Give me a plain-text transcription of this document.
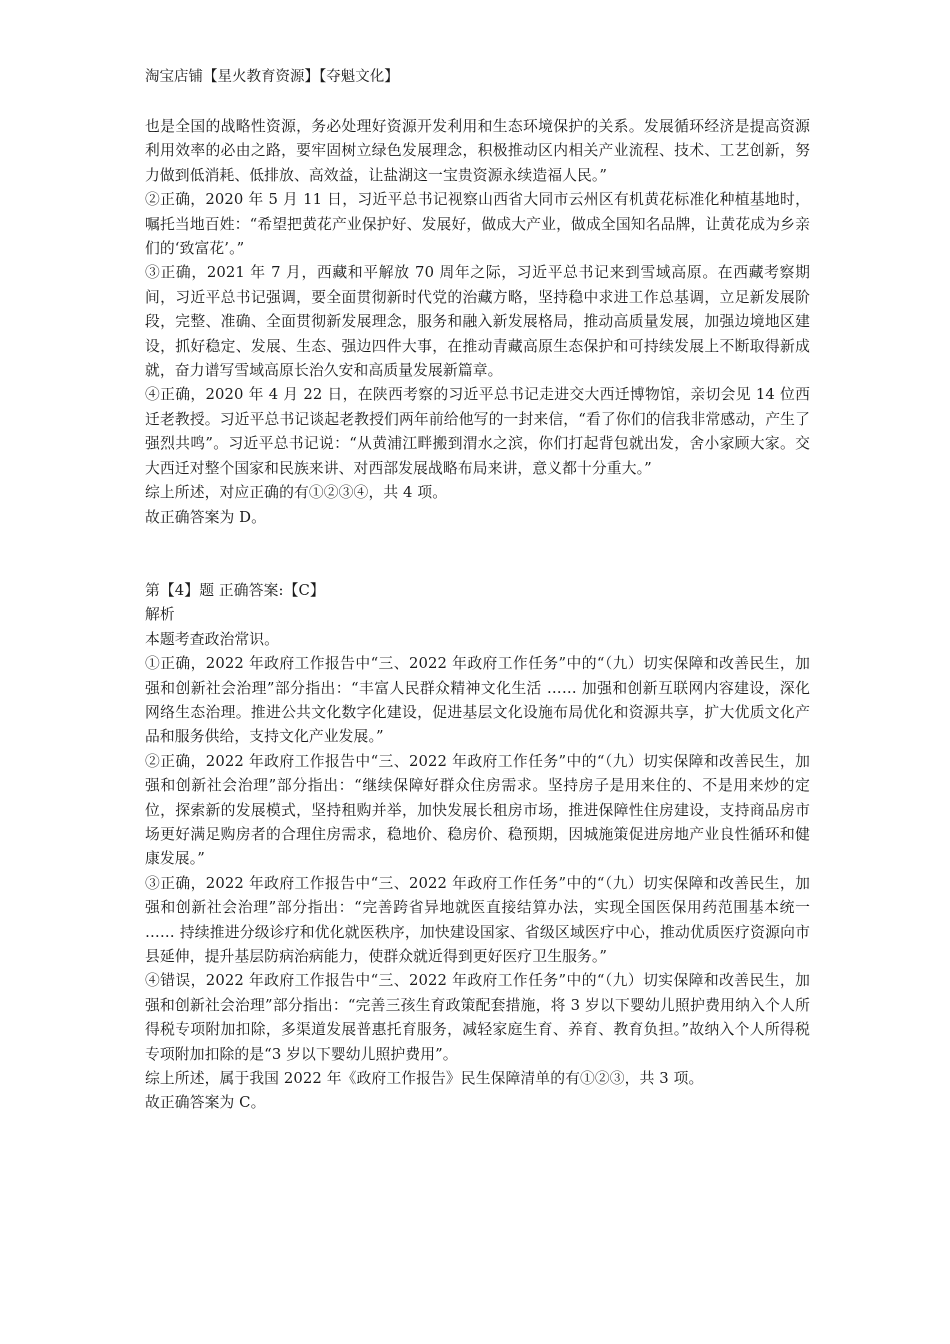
淘宝店铺【星火教育资源】【夺魁文化】

也是全国的战略性资源，务必处理好资源开发利用和生态环境保护的关系。发展循环经济是提高资源利用效率的必由之路，要牢固树立绿色发展理念，积极推动区内相关产业流程、技术、工艺创新，努力做到低消耗、低排放、高效益，让盐湖这一宝贵资源永续造福人民。”

②正确，2020 年 5 月 11 日，习近平总书记视察山西省大同市云州区有机黄花标准化种植基地时，嘱托当地百姓：“希望把黄花产业保护好、发展好，做成大产业，做成全国知名品牌，让黄花成为乡亲们的‘致富花’。”

③正确，2021 年 7 月，西藏和平解放 70 周年之际，习近平总书记来到雪域高原。在西藏考察期间，习近平总书记强调，要全面贯彻新时代党的治藏方略，坚持稳中求进工作总基调，立足新发展阶段，完整、准确、全面贯彻新发展理念，服务和融入新发展格局，推动高质量发展，加强边境地区建设，抓好稳定、发展、生态、强边四件大事，在推动青藏高原生态保护和可持续发展上不断取得新成就，奋力谱写雪域高原长治久安和高质量发展新篇章。

④正确，2020 年 4 月 22 日，在陕西考察的习近平总书记走进交大西迁博物馆，亲切会见 14 位西迁老教授。习近平总书记谈起老教授们两年前给他写的一封来信，“看了你们的信我非常感动，产生了强烈共鸣”。习近平总书记说：“从黄浦江畔搬到渭水之滨，你们打起背包就出发，舍小家顾大家。交大西迁对整个国家和民族来讲、对西部发展战略布局来讲，意义都十分重大。”

综上所述，对应正确的有①②③④，共 4 项。

故正确答案为 D。

第【4】题 正确答案:【C】

解析

本题考查政治常识。

①正确，2022 年政府工作报告中“三、2022 年政府工作任务”中的“（九）切实保障和改善民生，加强和创新社会治理”部分指出：“丰富人民群众精神文化生活 …… 加强和创新互联网内容建设，深化网络生态治理。推进公共文化数字化建设，促进基层文化设施布局优化和资源共享，扩大优质文化产品和服务供给，支持文化产业发展。”

②正确，2022 年政府工作报告中“三、2022 年政府工作任务”中的“（九）切实保障和改善民生，加强和创新社会治理”部分指出：“继续保障好群众住房需求。坚持房子是用来住的、不是用来炒的定位，探索新的发展模式，坚持租购并举，加快发展长租房市场，推进保障性住房建设，支持商品房市场更好满足购房者的合理住房需求，稳地价、稳房价、稳预期，因城施策促进房地产业良性循环和健康发展。”

③正确，2022 年政府工作报告中“三、2022 年政府工作任务”中的“（九）切实保障和改善民生，加强和创新社会治理”部分指出：“完善跨省异地就医直接结算办法，实现全国医保用药范围基本统一 …… 持续推进分级诊疗和优化就医秩序，加快建设国家、省级区域医疗中心，推动优质医疗资源向市县延伸，提升基层防病治病能力，使群众就近得到更好医疗卫生服务。”

④错误，2022 年政府工作报告中“三、2022 年政府工作任务”中的“（九）切实保障和改善民生，加强和创新社会治理”部分指出：“完善三孩生育政策配套措施，将 3 岁以下婴幼儿照护费用纳入个人所得税专项附加扣除，多渠道发展普惠托育服务，减轻家庭生育、养育、教育负担。”故纳入个人所得税专项附加扣除的是“3 岁以下婴幼儿照护费用”。

综上所述，属于我国 2022 年《政府工作报告》民生保障清单的有①②③，共 3 项。

故正确答案为 C。
